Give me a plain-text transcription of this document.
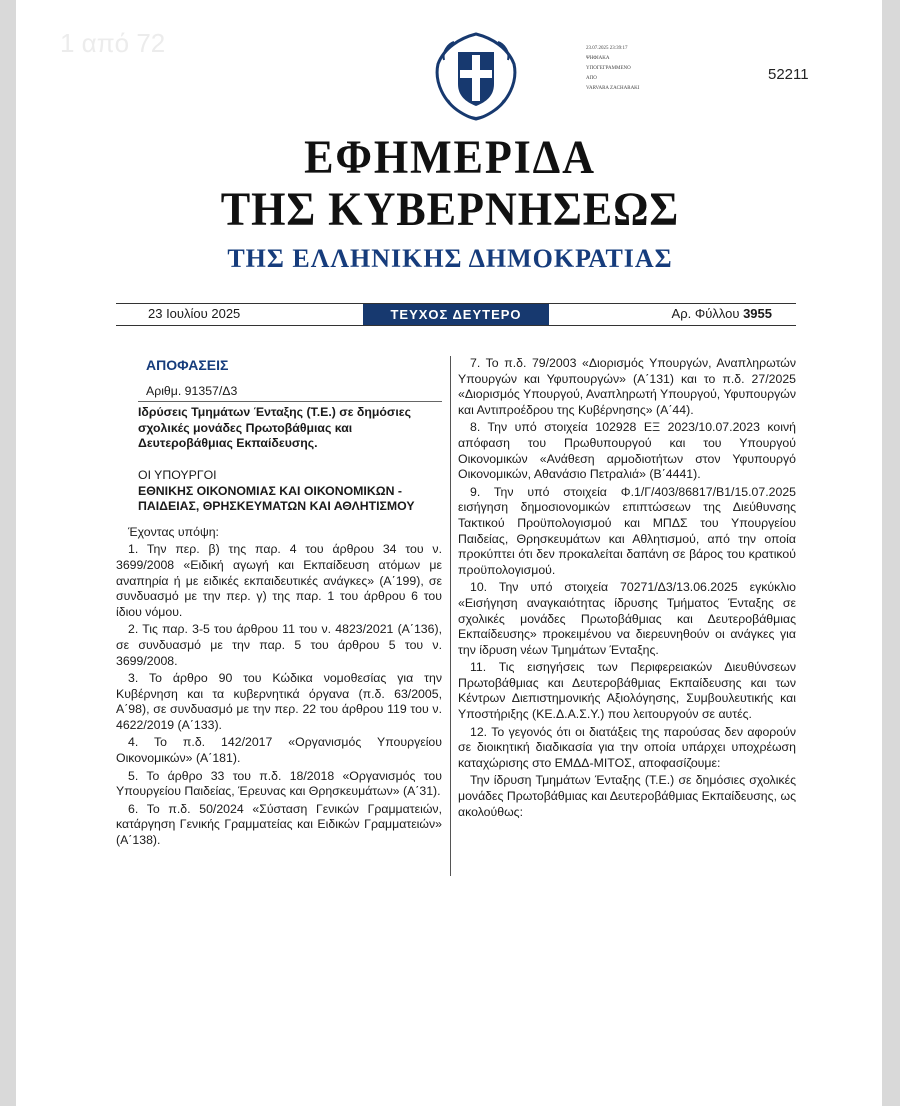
1 από 72	23.07.2025 23:39:17
ΨΗΦΙΑΚΑ
ΥΠΟΓΕΓΡΑΜΜΕΝΟ
ΑΠΟ
VARVARA ZACHARAKI
52211
ΕΦΗΜΕΡΙΔΑ
ΤΗΣ ΚΥΒΕΡΝΗΣΕΩΣ
ΤΗΣ ΕΛΛΗΝΙΚΗΣ ΔΗΜΟΚΡΑΤΙΑΣ
23 Ιουλίου 2025	ΤΕΥΧΟΣ ΔΕΥΤΕΡΟ	Αρ. Φύλλου 3955

ΑΠΟΦΑΣΕΙΣ

Αριθμ. 91357/Δ3

Ιδρύσεις Τμημάτων Ένταξης (Τ.Ε.) σε δημόσιες σχολικές μονάδες Πρωτοβάθμιας και Δευτεροβάθμιας Εκπαίδευσης.

ΟΙ ΥΠΟΥΡΓΟΙ

ΕΘΝΙΚΗΣ ΟΙΚΟΝΟΜΙΑΣ ΚΑΙ ΟΙΚΟΝΟΜΙΚΩΝ -

ΠΑΙΔΕΙΑΣ, ΘΡΗΣΚΕΥΜΑΤΩΝ ΚΑΙ ΑΘΛΗΤΙΣΜΟΥ

Έχοντας υπόψη:

1. Την περ. β) της παρ. 4 του άρθρου 34 του ν. 3699/2008 «Ειδική αγωγή και Εκπαίδευση ατόμων με αναπηρία ή με ειδικές εκπαιδευτικές ανάγκες» (Α΄199), σε συνδυασμό με την περ. γ) της παρ. 1 του άρθρου 6 του ίδιου νόμου.

2. Τις παρ. 3-5 του άρθρου 11 του ν. 4823/2021 (Α΄136), σε συνδυασμό με την παρ. 5 του άρθρου 5 του ν. 3699/2008.

3. Το άρθρο 90 του Κώδικα νομοθεσίας για την Κυβέρνηση και τα κυβερνητικά όργανα (π.δ. 63/2005, Α΄98), σε συνδυασμό με την περ. 22 του άρθρου 119 του ν. 4622/2019 (Α΄133).

4. Το π.δ. 142/2017 «Οργανισμός Υπουργείου Οικονομικών» (Α΄181).

5. Το άρθρο 33 του π.δ. 18/2018 «Οργανισμός του Υπουργείου Παιδείας, Έρευνας και Θρησκευμάτων» (Α΄31).

6. Το π.δ. 50/2024 «Σύσταση Γενικών Γραμματειών, κατάργηση Γενικής Γραμματείας και Ειδικών Γραμματειών» (Α΄138).

7. Το π.δ. 79/2003 «Διορισμός Υπουργών, Αναπληρωτών Υπουργών και Υφυπουργών» (Α΄131) και το π.δ. 27/2025 «Διορισμός Υπουργού, Αναπληρωτή Υπουργού, Υφυπουργών και Αντιπροέδρου της Κυβέρνησης» (Α΄44).

8. Την υπό στοιχεία 102928 ΕΞ 2023/10.07.2023 κοινή απόφαση του Πρωθυπουργού και του Υπουργού Οικονομικών «Ανάθεση αρμοδιοτήτων στον Υφυπουργό Οικονομικών, Αθανάσιο Πετραλιά» (Β΄4441).

9. Την υπό στοιχεία Φ.1/Γ/403/86817/Β1/15.07.2025 εισήγηση δημοσιονομικών επιπτώσεων της Διεύθυνσης Τακτικού Προϋπολογισμού και ΜΠΔΣ του Υπουργείου Παιδείας, Θρησκευμάτων και Αθλητισμού, από την οποία προκύπτει ότι δεν προκαλείται δαπάνη σε βάρος του κρατικού προϋπολογισμού.

10. Την υπό στοιχεία 70271/Δ3/13.06.2025 εγκύκλιο «Εισήγηση αναγκαιότητας ίδρυσης Τμήματος Ένταξης σε σχολικές μονάδες Πρωτοβάθμιας και Δευτεροβάθμιας Εκπαίδευσης» προκειμένου να διερευνηθούν οι ανάγκες για την ίδρυση νέων Τμημάτων Ένταξης.

11. Τις εισηγήσεις των Περιφερειακών Διευθύνσεων Πρωτοβάθμιας και Δευτεροβάθμιας Εκπαίδευσης και των Κέντρων Διεπιστημονικής Αξιολόγησης, Συμβουλευτικής και Υποστήριξης (ΚΕ.Δ.Α.Σ.Υ.) που λειτουργούν σε αυτές.

12. Το γεγονός ότι οι διατάξεις της παρούσας δεν αφορούν σε διοικητική διαδικασία για την οποία υπάρχει υποχρέωση καταχώρισης στο ΕΜΔΔ-ΜΙΤΟΣ, αποφασίζουμε:

Την ίδρυση Τμημάτων Ένταξης (Τ.Ε.) σε δημόσιες σχολικές μονάδες Πρωτοβάθμιας και Δευτεροβάθμιας Εκπαίδευσης, ως ακολούθως:
